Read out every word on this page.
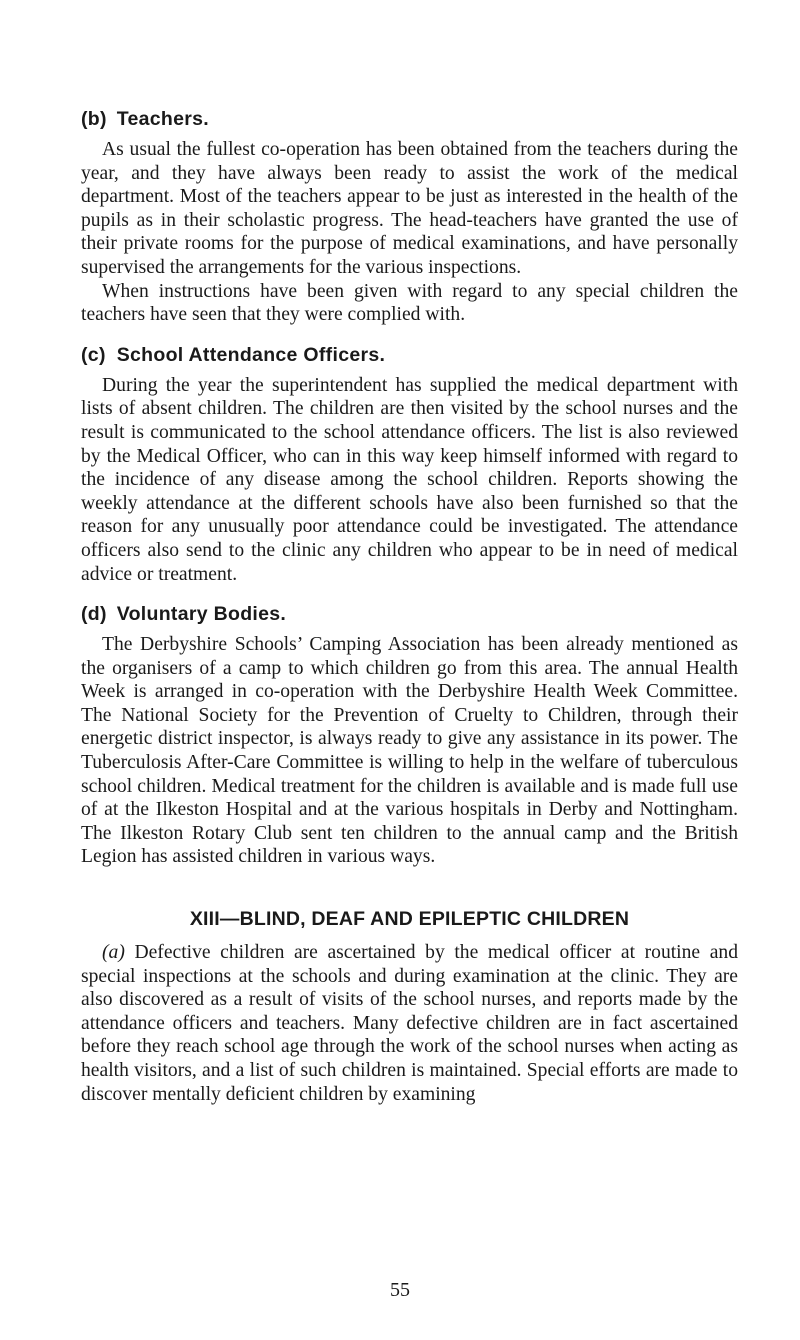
(b) Teachers.

As usual the fullest co-operation has been obtained from the teachers during the year, and they have always been ready to assist the work of the medical department. Most of the teachers appear to be just as interested in the health of the pupils as in their scholastic progress. The head-teachers have granted the use of their private rooms for the purpose of medical examinations, and have personally supervised the arrangements for the various inspections.

When instructions have been given with regard to any special children the teachers have seen that they were complied with.

(c) School Attendance Officers.

During the year the superintendent has supplied the medical department with lists of absent children. The children are then visited by the school nurses and the result is communicated to the school attendance officers. The list is also reviewed by the Medical Officer, who can in this way keep himself informed with regard to the incidence of any disease among the school children. Reports showing the weekly attendance at the different schools have also been furnished so that the reason for any unusually poor attendance could be investigated. The attendance officers also send to the clinic any children who appear to be in need of medical advice or treatment.

(d) Voluntary Bodies.

The Derbyshire Schools’ Camping Association has been already mentioned as the organisers of a camp to which children go from this area. The annual Health Week is arranged in co-operation with the Derbyshire Health Week Committee. The National Society for the Prevention of Cruelty to Children, through their energetic district inspector, is always ready to give any assistance in its power. The Tuberculosis After-Care Committee is willing to help in the welfare of tuberculous school children. Medical treatment for the children is available and is made full use of at the Ilkeston Hospital and at the various hospitals in Derby and Nottingham. The Ilkeston Rotary Club sent ten children to the annual camp and the British Legion has assisted children in various ways.

XIII—BLIND, DEAF AND EPILEPTIC CHILDREN

(a) Defective children are ascertained by the medical officer at routine and special inspections at the schools and during examination at the clinic. They are also discovered as a result of visits of the school nurses, and reports made by the attendance officers and teachers. Many defective children are in fact ascertained before they reach school age through the work of the school nurses when acting as health visitors, and a list of such children is maintained. Special efforts are made to discover mentally deficient children by examining

55
